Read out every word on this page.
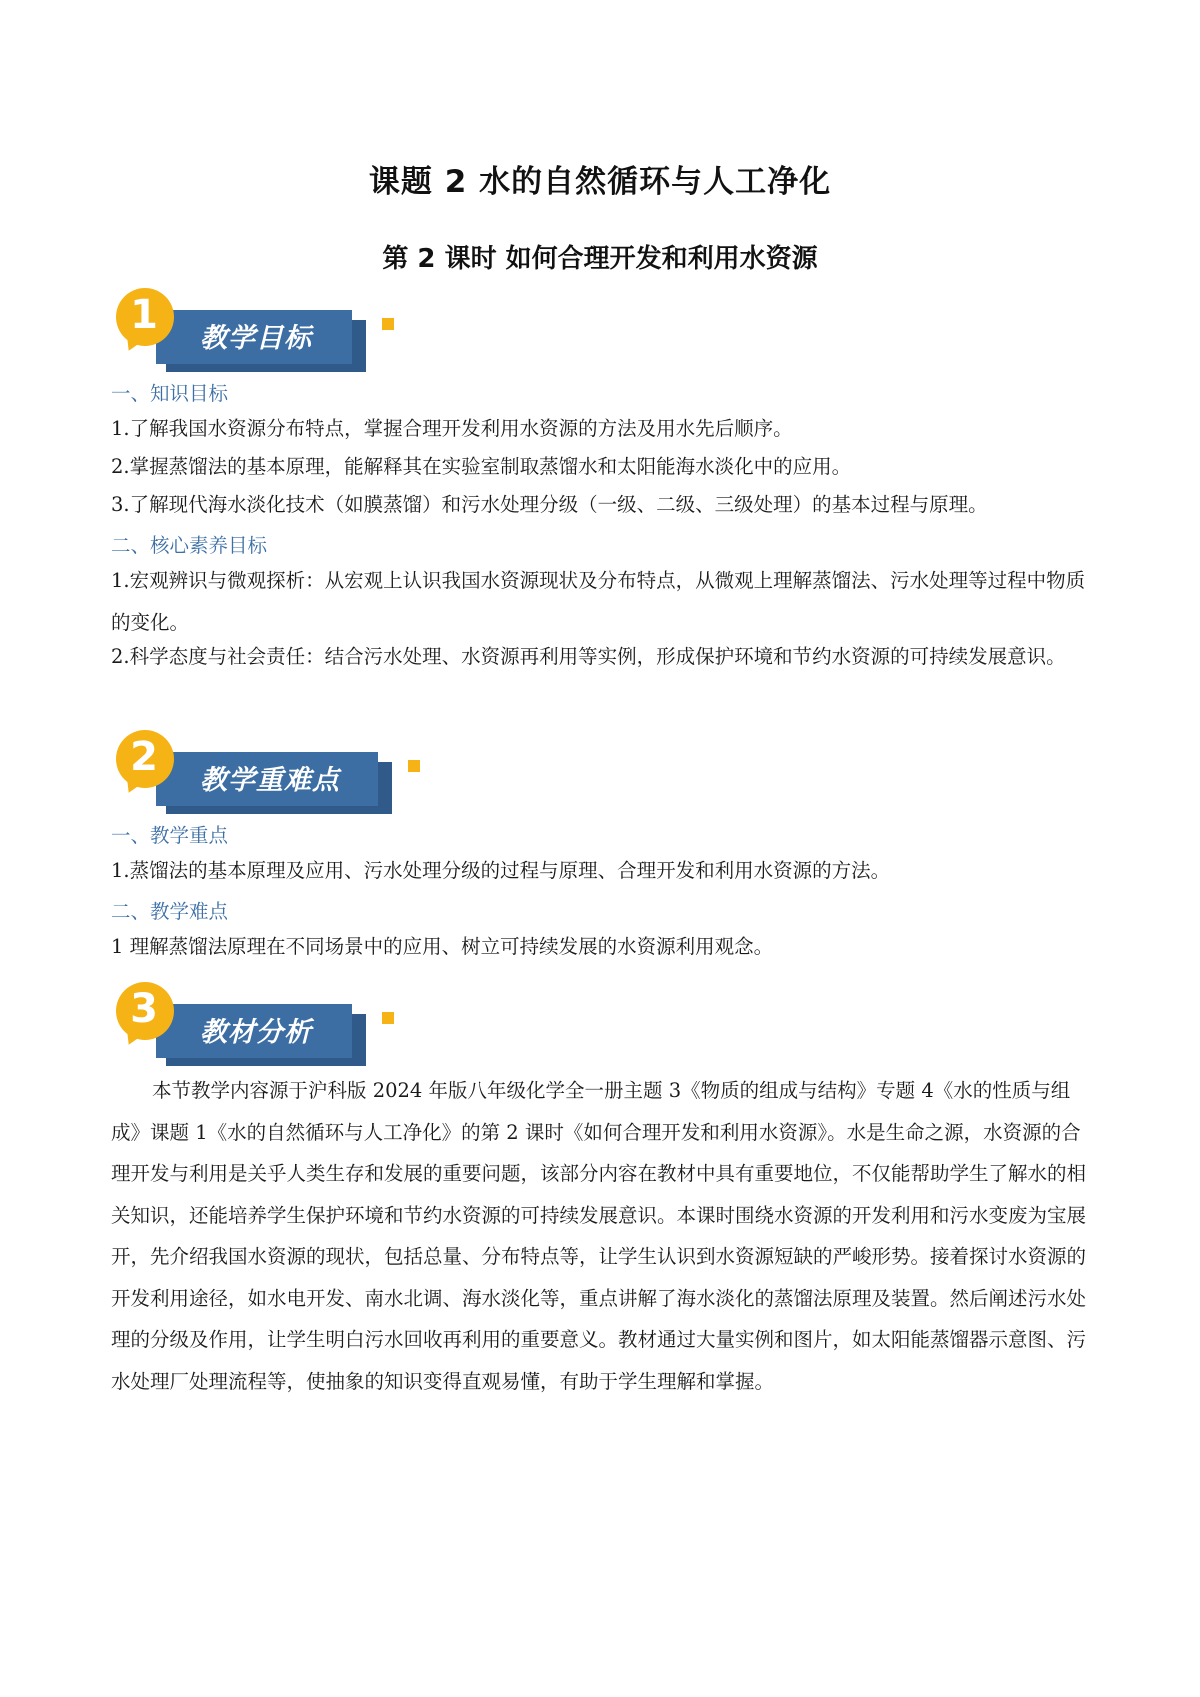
课题 2 水的自然循环与人工净化
第 2 课时 如何合理开发和利用水资源
教学目标
1
一、知识目标
1.了解我国水资源分布特点，掌握合理开发利用水资源的方法及用水先后顺序。
2.掌握蒸馏法的基本原理，能解释其在实验室制取蒸馏水和太阳能海水淡化中的应用。
3.了解现代海水淡化技术（如膜蒸馏）和污水处理分级（一级、二级、三级处理）的基本过程与原理。
二、核心素养目标
1.宏观辨识与微观探析：从宏观上认识我国水资源现状及分布特点，从微观上理解蒸馏法、污水处理等过程中物质的变化。
2.科学态度与社会责任：结合污水处理、水资源再利用等实例，形成保护环境和节约水资源的可持续发展意识。
教学重难点
2
一、教学重点
1.蒸馏法的基本原理及应用、污水处理分级的过程与原理、合理开发和利用水资源的方法。
二、教学难点
1 理解蒸馏法原理在不同场景中的应用、树立可持续发展的水资源利用观念。
教材分析
3
本节教学内容源于沪科版 2024 年版八年级化学全一册主题 3《物质的组成与结构》专题 4《水的性质与组成》课题 1《水的自然循环与人工净化》的第 2 课时《如何合理开发和利用水资源》。水是生命之源，水资源的合理开发与利用是关乎人类生存和发展的重要问题，该部分内容在教材中具有重要地位，不仅能帮助学生了解水的相关知识，还能培养学生保护环境和节约水资源的可持续发展意识。本课时围绕水资源的开发利用和污水变废为宝展开，先介绍我国水资源的现状，包括总量、分布特点等，让学生认识到水资源短缺的严峻形势。接着探讨水资源的开发利用途径，如水电开发、南水北调、海水淡化等，重点讲解了海水淡化的蒸馏法原理及装置。然后阐述污水处理的分级及作用，让学生明白污水回收再利用的重要意义。教材通过大量实例和图片，如太阳能蒸馏器示意图、污水处理厂处理流程等，使抽象的知识变得直观易懂，有助于学生理解和掌握。
